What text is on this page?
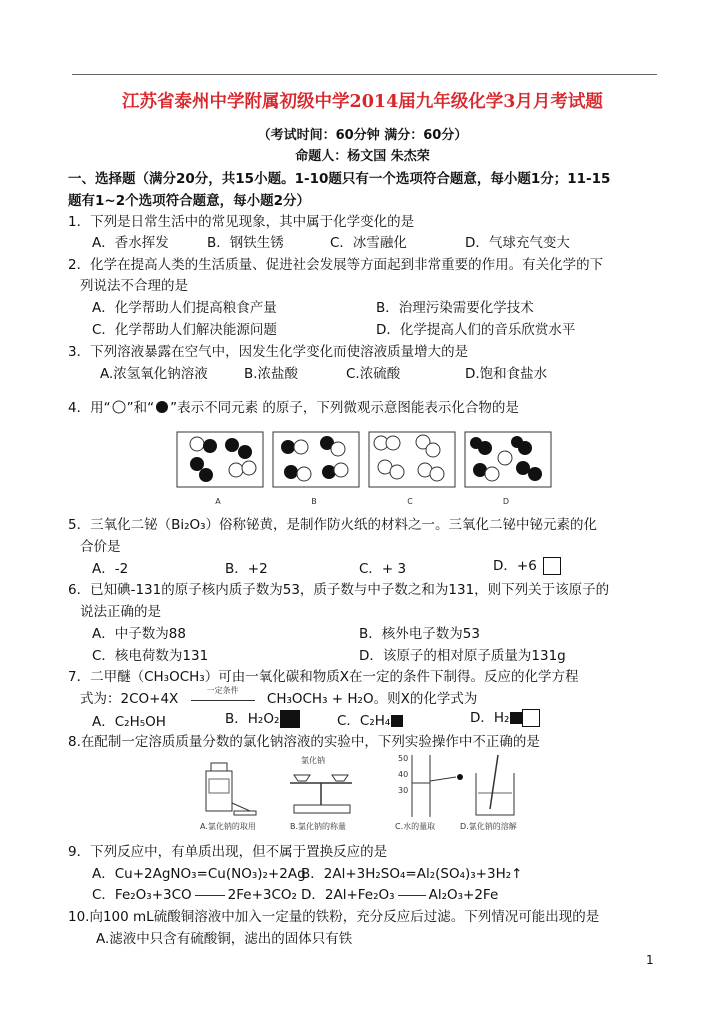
江苏省泰州中学附属初级中学2014届九年级化学3月月考试题
（考试时间：60分钟 满分：60分）
命题人：杨文国 朱杰荣
一、选择题（满分20分，共15小题。1-10题只有一个选项符合题意，每小题1分；11-15
题有1~2个选项符合题意，每小题2分）
1．下列是日常生活中的常见现象，其中属于化学变化的是
A．香水挥发	B．钢铁生锈	C．冰雪融化	D．气球充气变大
2．化学在提高人类的生活质量、促进社会发展等方面起到非常重要的作用。有关化学的下
列说法不合理的是
A．化学帮助人们提高粮食产量	B．治理污染需要化学技术
C．化学帮助人们解决能源问题	D．化学提高人们的音乐欣赏水平
3．下列溶液暴露在空气中，因发生化学变化而使溶液质量增大的是
A.浓氢氧化钠溶液	B.浓盐酸	C.浓硫酸	D.饱和食盐水
4．用“ ”和“ ”表示不同元素 的原子，下列微观示意图能表示化合物的是
A	B	C	D
5．三氧化二铋（Bi₂O₃）俗称铋黄，是制作防火纸的材料之一。三氧化二铋中铋元素的化
合价是
A．-2	B．+2	C．+ 3	D．+6
6．已知碘-131的原子核内质子数为53，质子数与中子数之和为131，则下列关于该原子的
说法正确的是
A．中子数为88	B．核外电子数为53
C．核电荷数为131	D．该原子的相对原子质量为131g
7．二甲醚（CH₃OCH₃）可由一氧化碳和物质X在一定的条件下制得。反应的化学方程
式为：2CO+4X
一定条件
CH₃OCH₃ + H₂O。则X的化学式为
A．C₂H₅OH	B．H₂O₂	C．C₂H₄	D．H₂
8.在配制一定溶质质量分数的氯化钠溶液的实验中，下列实验操作中不正确的是
A.氯化钠的取用
氯化钠
B.氯化钠的称量
50
40
30
C.水的量取	D.氯化钠的溶解
9．下列反应中，有单质出现，但不属于置换反应的是
A．Cu+2AgNO₃=Cu(NO₃)₂+2Ag
B．2Al+3H₂SO₄=Al₂(SO₄)₃+3H₂↑
C．Fe₂O₃+3CO	2Fe+3CO₂ D．2Al+Fe₂O₃	Al₂O₃+2Fe
10.向100 mL硫酸铜溶液中加入一定量的铁粉，充分反应后过滤。下列情况可能出现的是
A.滤液中只含有硫酸铜，滤出的固体只有铁
1
